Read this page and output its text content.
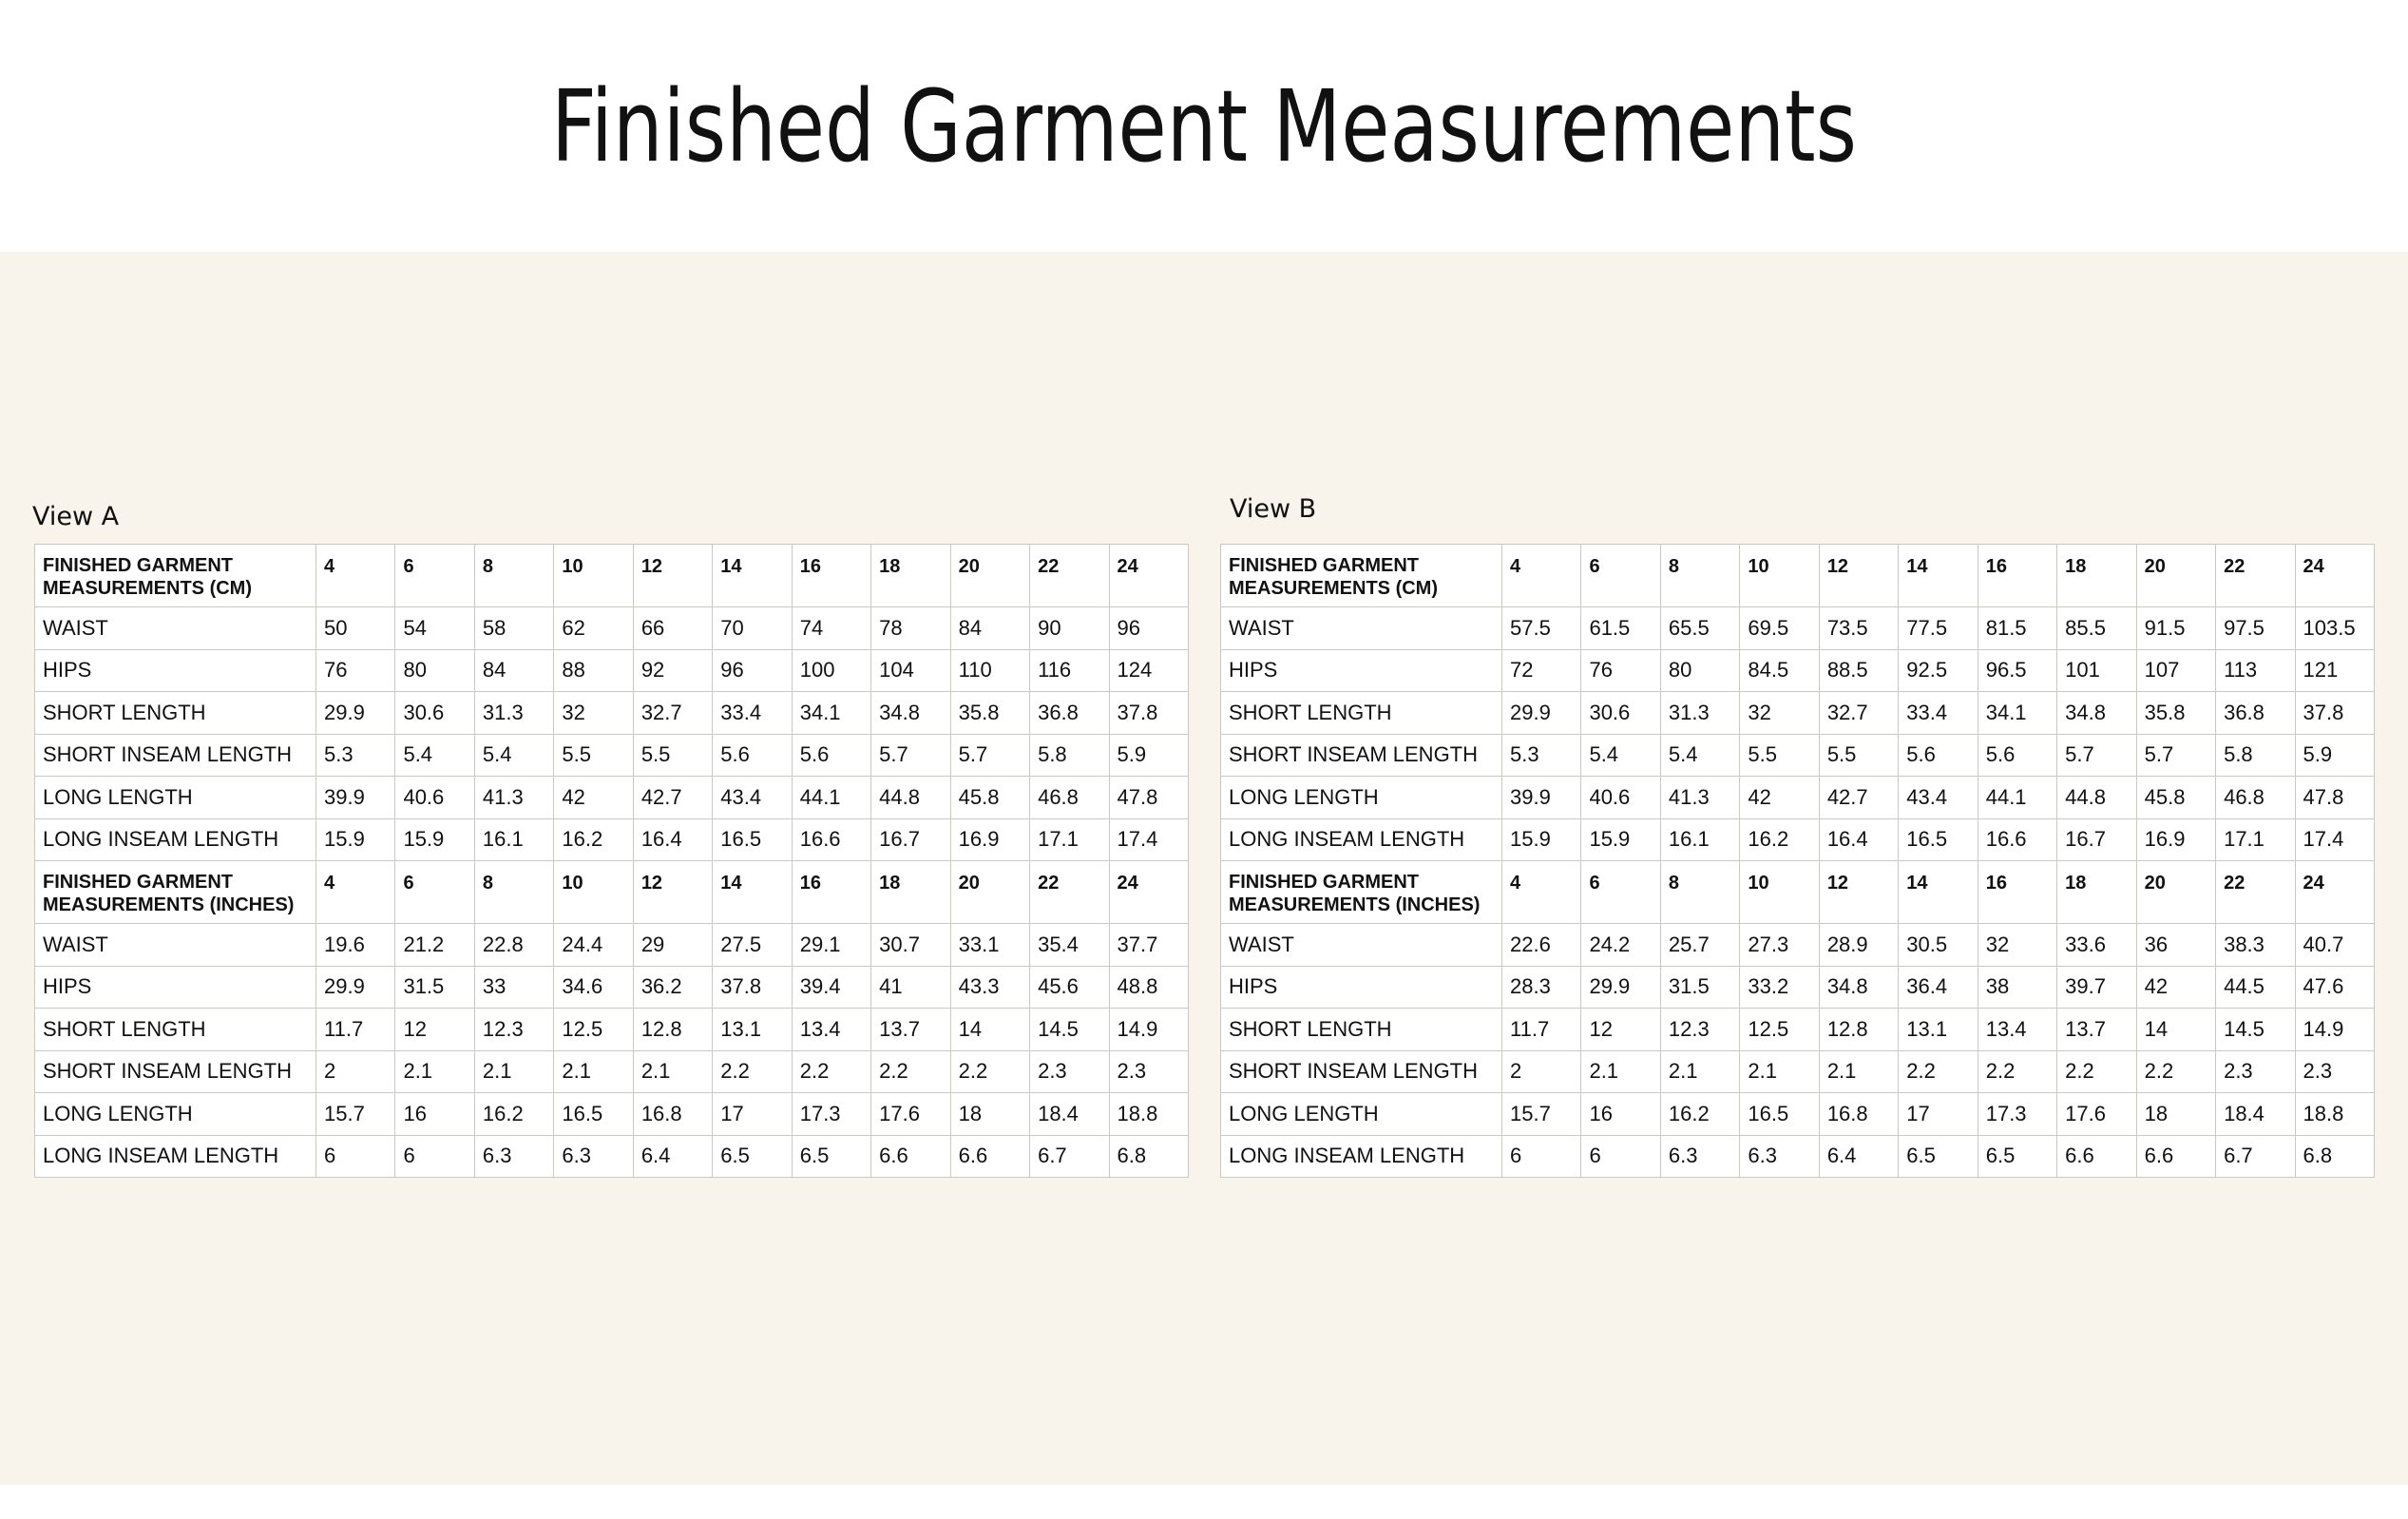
Finished Garment Measurements
View A
FINISHED GARMENT MEASUREMENTS (CM)	4	6	8	10	12	14	16	18	20	22	24
WAIST	50	54	58	62	66	70	74	78	84	90	96
HIPS	76	80	84	88	92	96	100	104	110	116	124
SHORT LENGTH	29.9	30.6	31.3	32	32.7	33.4	34.1	34.8	35.8	36.8	37.8
SHORT INSEAM LENGTH	5.3	5.4	5.4	5.5	5.5	5.6	5.6	5.7	5.7	5.8	5.9
LONG LENGTH	39.9	40.6	41.3	42	42.7	43.4	44.1	44.8	45.8	46.8	47.8
LONG INSEAM LENGTH	15.9	15.9	16.1	16.2	16.4	16.5	16.6	16.7	16.9	17.1	17.4
FINISHED GARMENT MEASUREMENTS (INCHES)	4	6	8	10	12	14	16	18	20	22	24
WAIST	19.6	21.2	22.8	24.4	29	27.5	29.1	30.7	33.1	35.4	37.7
HIPS	29.9	31.5	33	34.6	36.2	37.8	39.4	41	43.3	45.6	48.8
SHORT LENGTH	11.7	12	12.3	12.5	12.8	13.1	13.4	13.7	14	14.5	14.9
SHORT INSEAM LENGTH	2	2.1	2.1	2.1	2.1	2.2	2.2	2.2	2.2	2.3	2.3
LONG LENGTH	15.7	16	16.2	16.5	16.8	17	17.3	17.6	18	18.4	18.8
LONG INSEAM LENGTH	6	6	6.3	6.3	6.4	6.5	6.5	6.6	6.6	6.7	6.8
View B
FINISHED GARMENT MEASUREMENTS (CM)	4	6	8	10	12	14	16	18	20	22	24
WAIST	57.5	61.5	65.5	69.5	73.5	77.5	81.5	85.5	91.5	97.5	103.5
HIPS	72	76	80	84.5	88.5	92.5	96.5	101	107	113	121
SHORT LENGTH	29.9	30.6	31.3	32	32.7	33.4	34.1	34.8	35.8	36.8	37.8
SHORT INSEAM LENGTH	5.3	5.4	5.4	5.5	5.5	5.6	5.6	5.7	5.7	5.8	5.9
LONG LENGTH	39.9	40.6	41.3	42	42.7	43.4	44.1	44.8	45.8	46.8	47.8
LONG INSEAM LENGTH	15.9	15.9	16.1	16.2	16.4	16.5	16.6	16.7	16.9	17.1	17.4
FINISHED GARMENT MEASUREMENTS (INCHES)	4	6	8	10	12	14	16	18	20	22	24
WAIST	22.6	24.2	25.7	27.3	28.9	30.5	32	33.6	36	38.3	40.7
HIPS	28.3	29.9	31.5	33.2	34.8	36.4	38	39.7	42	44.5	47.6
SHORT LENGTH	11.7	12	12.3	12.5	12.8	13.1	13.4	13.7	14	14.5	14.9
SHORT INSEAM LENGTH	2	2.1	2.1	2.1	2.1	2.2	2.2	2.2	2.2	2.3	2.3
LONG LENGTH	15.7	16	16.2	16.5	16.8	17	17.3	17.6	18	18.4	18.8
LONG INSEAM LENGTH	6	6	6.3	6.3	6.4	6.5	6.5	6.6	6.6	6.7	6.8
